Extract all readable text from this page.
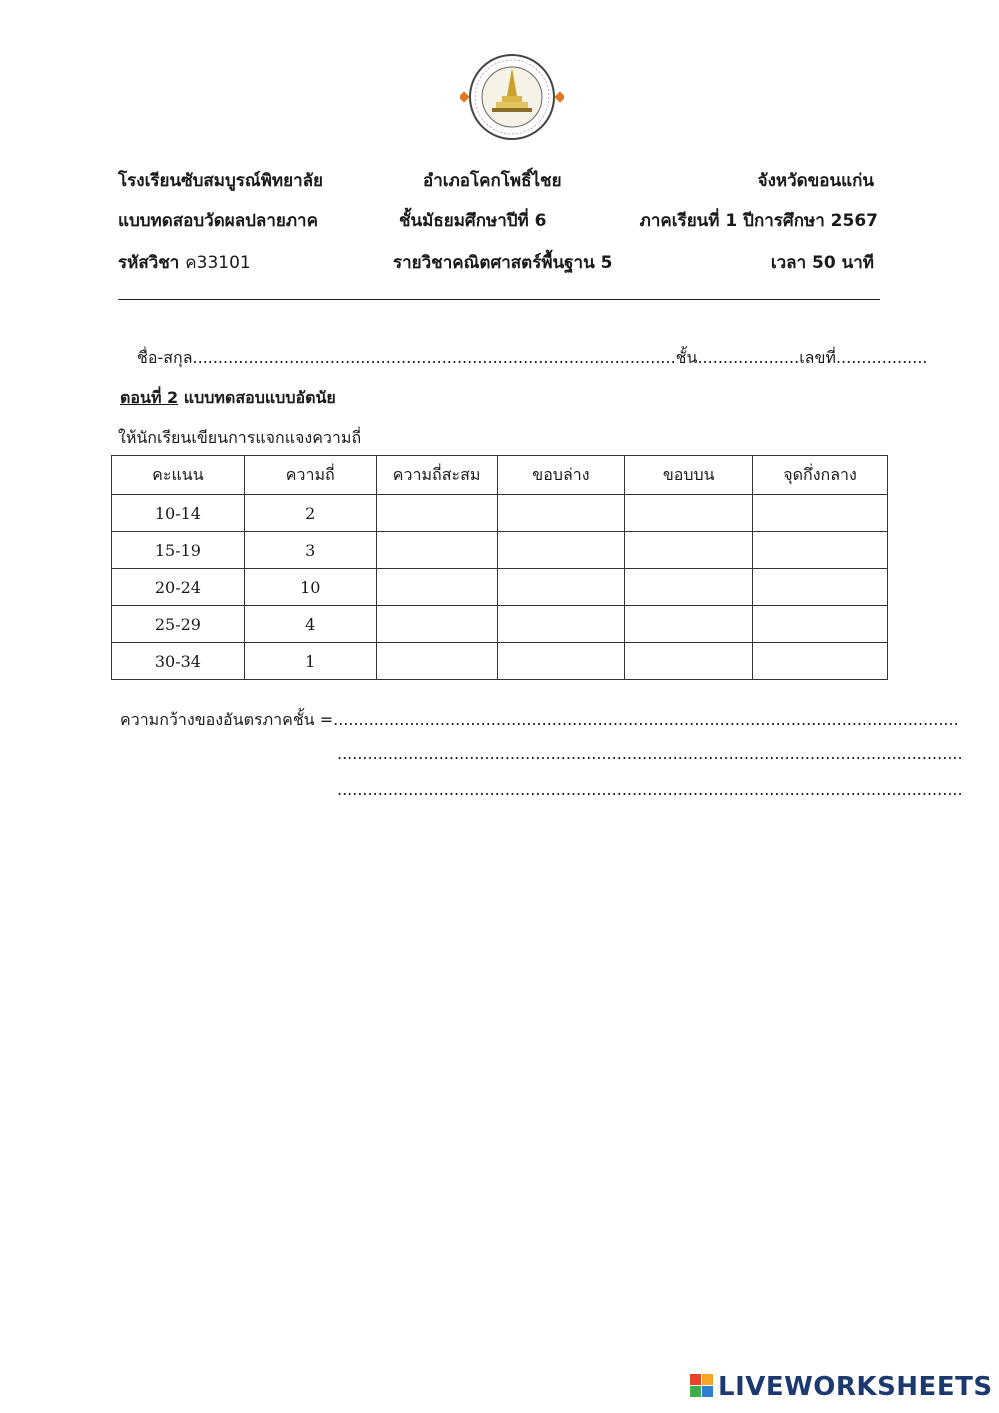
โรงเรียนซับสมบูรณ์พิทยาลัย	อำเภอโคกโพธิ์ไชย	จังหวัดขอนแก่น
แบบทดสอบวัดผลปลายภาค	ชั้นมัธยมศึกษาปีที่ 6	ภาคเรียนที่ 1 ปีการศึกษา 2567
รหัสวิชา ค33101	รายวิชาคณิตศาสตร์พื้นฐาน 5	เวลา 50 นาที
ชื่อ-สกุล...............................................................................................ชั้น....................เลขที่..................
ตอนที่ 2 แบบทดสอบแบบอัตนัย
ให้นักเรียนเขียนการแจกแจงความถี่
คะแนน	ความถี่	ความถี่สะสม	ขอบล่าง	ขอบบน	จุดกึ่งกลาง
10-14	2				
15-19	3				
20-24	10				
25-29	4				
30-34	1				
ความกว้างของอันตรภาคชั้น =...........................................................................................................................
...........................................................................................................................
...........................................................................................................................
LIVEWORKSHEETS
